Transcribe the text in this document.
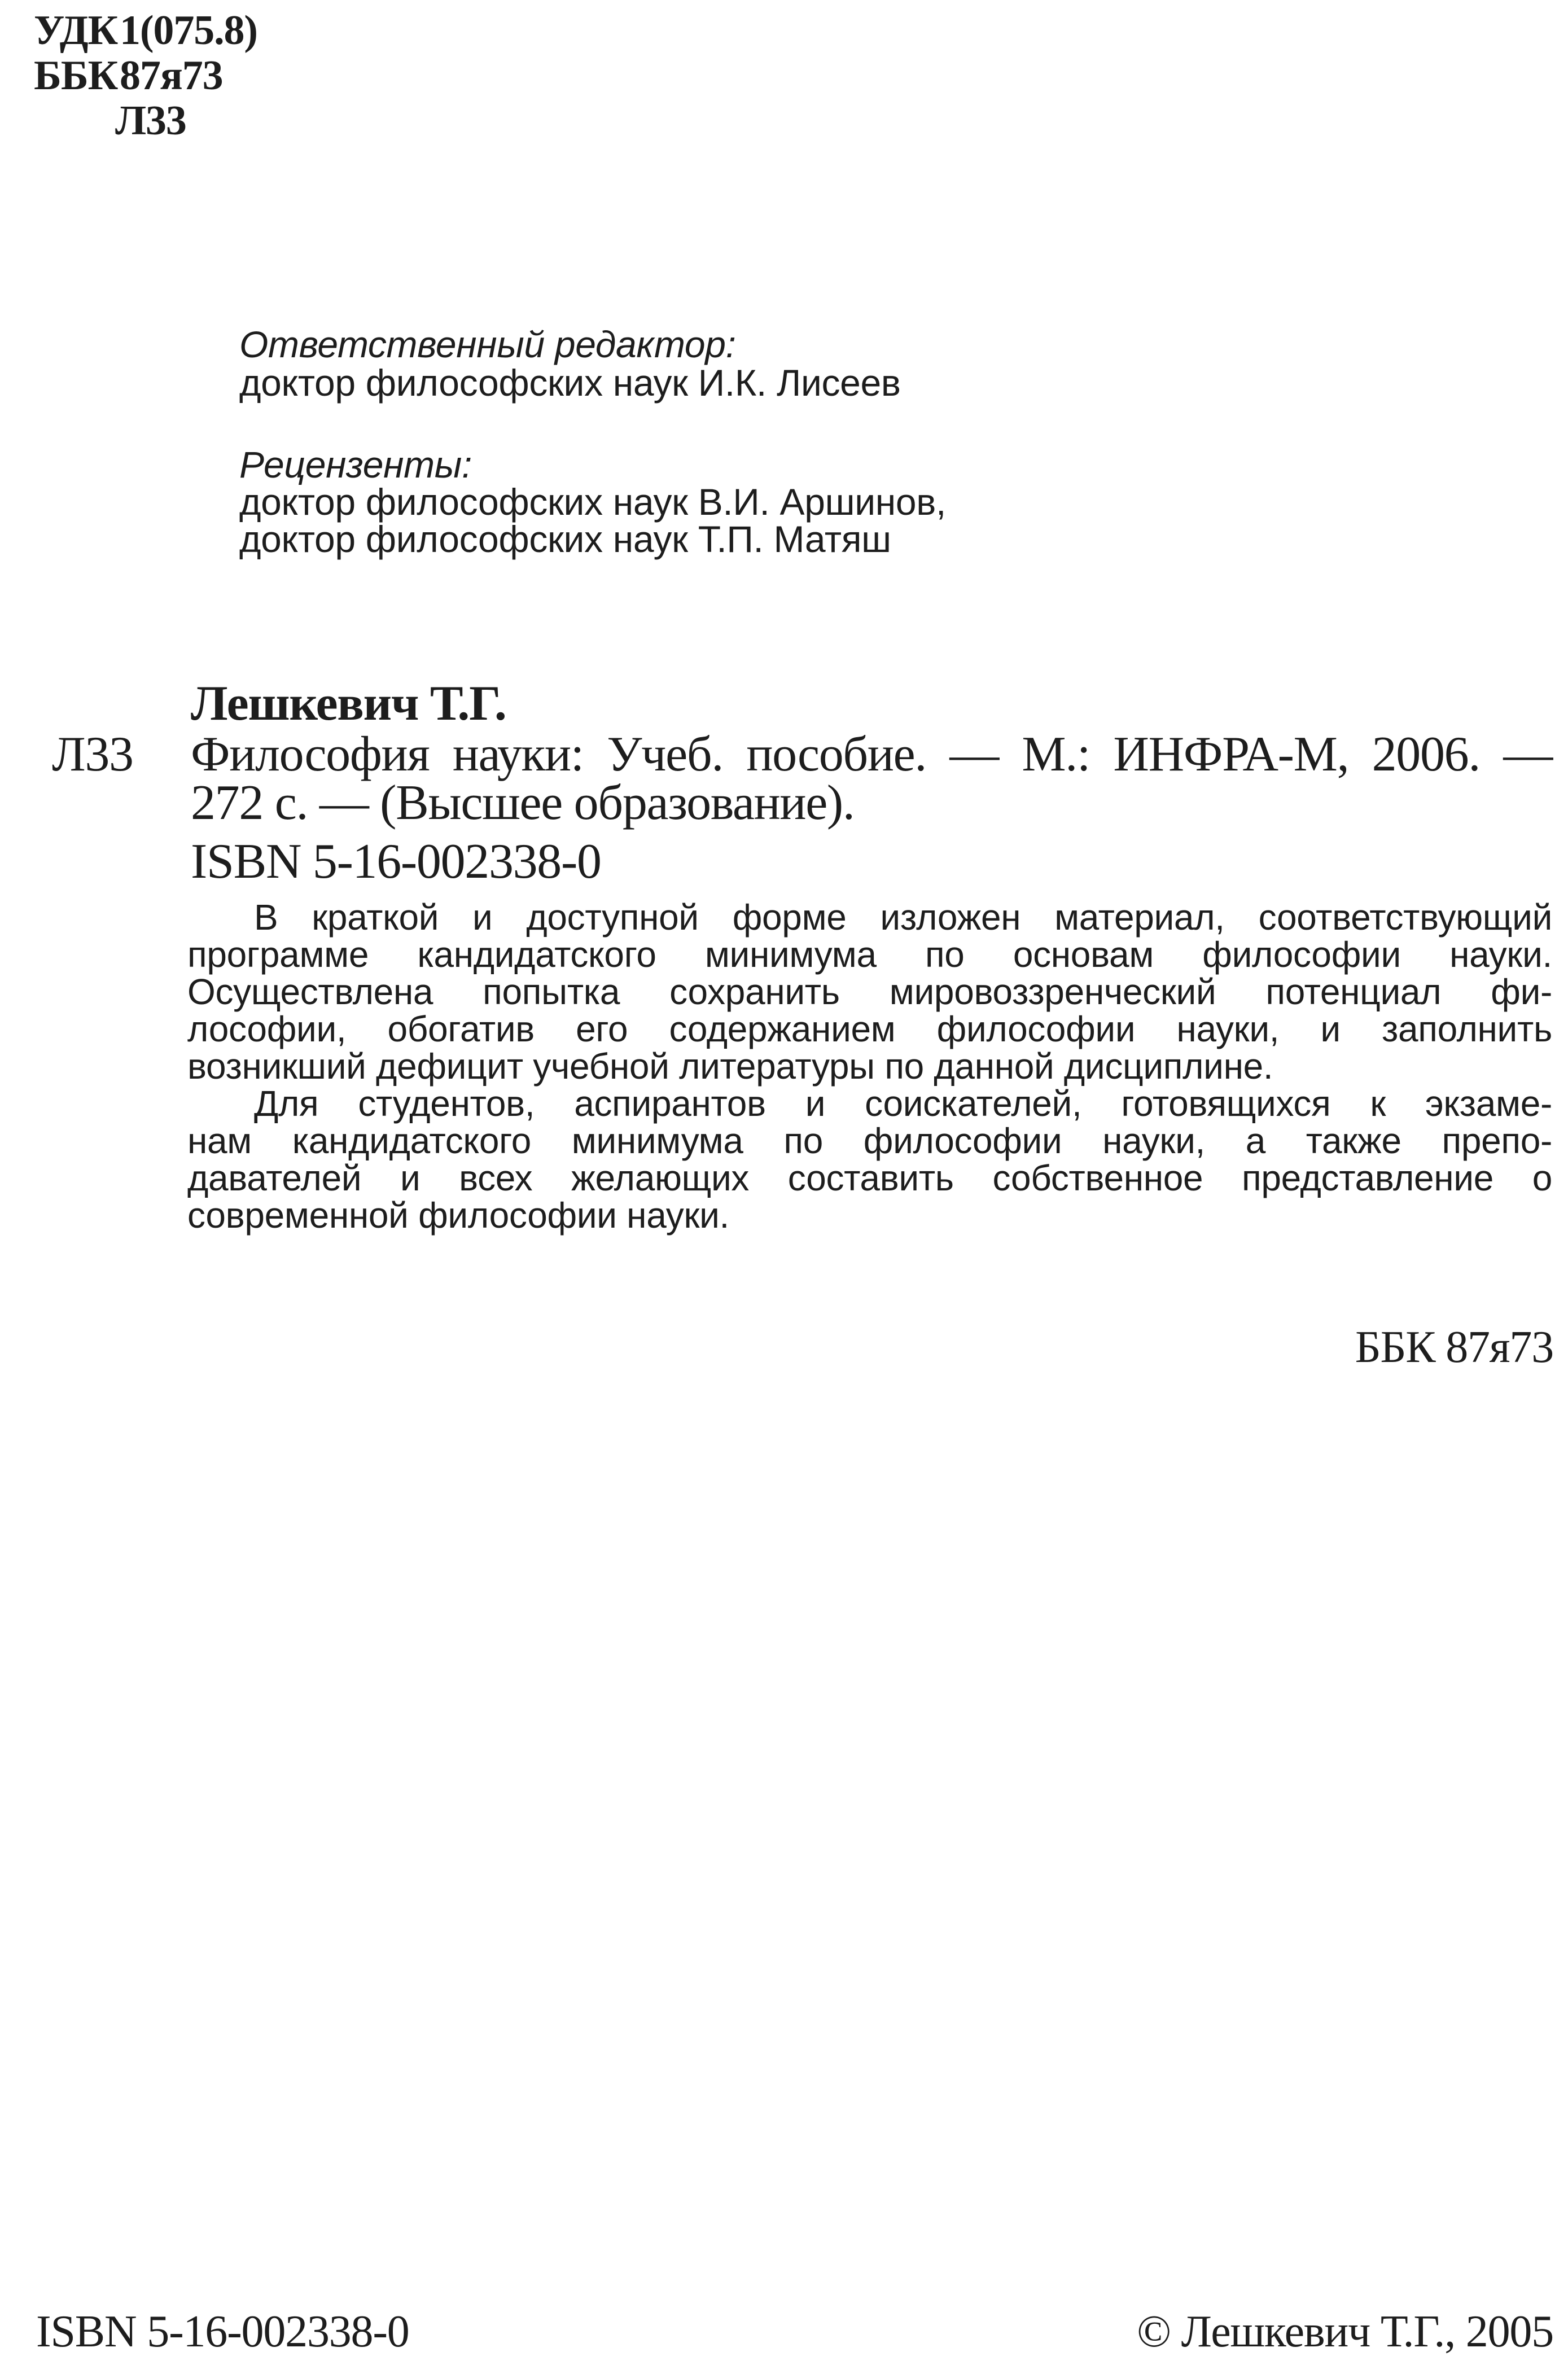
УДК1(075.8)
ББК87я73
Л33
Ответственный редактор:
доктор философских наук И.К. Лисеев
Рецензенты:
доктор философских наук В.И. Аршинов,
доктор философских наук Т.П. Матяш
Лешкевич Т.Г.
Л33 Философия науки: Учеб. пособие. — М.: ИНФРА-М, 2006. —
272 с. — (Высшее образование).
ISBN 5-16-002338-0
В краткой и доступной форме изложен материал, соответствующий
программе кандидатского минимума по основам философии науки.
Осуществлена попытка сохранить мировоззренческий потенциал фи-
лософии, обогатив его содержанием философии науки, и заполнить
возникший дефицит учебной литературы по данной дисциплине.
Для студентов, аспирантов и соискателей, готовящихся к экзаме-
нам кандидатского минимума по философии науки, а также препо-
давателей и всех желающих составить собственное представление о
современной философии науки.
ББК 87я73
ISBN 5-16-002338-0	© Лешкевич Т.Г., 2005
